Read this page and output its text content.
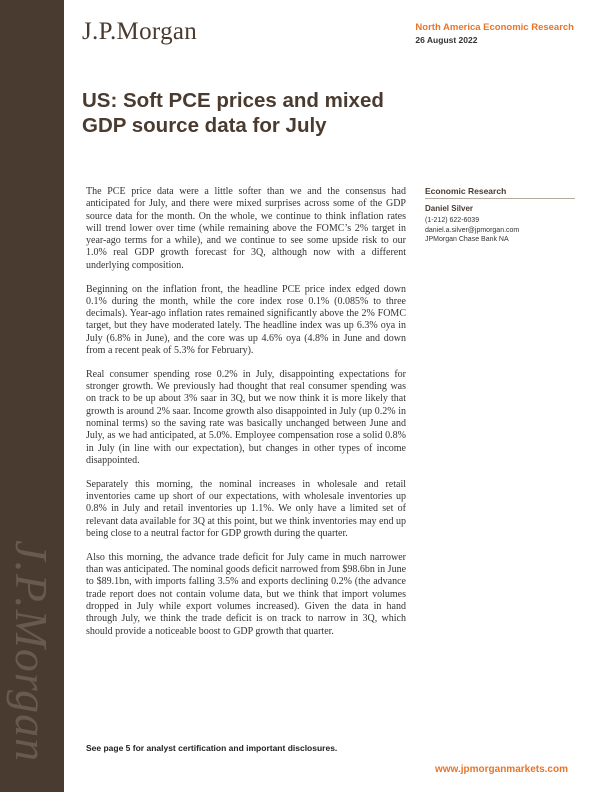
J.P.Morgan
J.P.Morgan	North America Economic Research
26 August 2022
US: Soft PCE prices and mixed GDP source data for July

The PCE price data were a little softer than we and the consensus had anticipated for July, and there were mixed surprises across some of the GDP source data for the month. On the whole, we continue to think inflation rates will trend lower over time (while remaining above the FOMC’s 2% target in year-ago terms for a while), and we continue to see some upside risk to our 1.0% real GDP growth forecast for 3Q, although now with a different underlying composition.

Beginning on the inflation front, the headline PCE price index edged down 0.1% during the month, while the core index rose 0.1% (0.085% to three decimals). Year-ago inflation rates remained significantly above the 2% FOMC target, but they have moderated lately. The headline index was up 6.3% oya in July (6.8% in June), and the core was up 4.6% oya (4.8% in June and down from a recent peak of 5.3% for February).

Real consumer spending rose 0.2% in July, disappointing expectations for stronger growth. We previously had thought that real consumer spending was on track to be up about 3% saar in 3Q, but we now think it is more likely that growth is around 2% saar. Income growth also disappointed in July (up 0.2% in nominal terms) so the saving rate was basically unchanged between June and July, as we had anticipated, at 5.0%. Employee compensation rose a solid 0.8% in July (in line with our expectation), but changes in other types of income disappointed.

Separately this morning, the nominal increases in wholesale and retail inventories came up short of our expectations, with wholesale inventories up 0.8% in July and retail inventories up 1.1%. We only have a limited set of relevant data available for 3Q at this point, but we think inventories may end up being close to a neutral factor for GDP growth during the quarter.

Also this morning, the advance trade deficit for July came in much narrower than was anticipated. The nominal goods deficit narrowed from $98.6bn in June to $89.1bn, with imports falling 3.5% and exports declining 0.2% (the advance trade report does not contain volume data, but we think that import volumes dropped in July while export volumes increased). Given the data in hand through July, we think the trade deficit is on track to narrow in 3Q, which should provide a noticeable boost to GDP growth that quarter.

Economic Research
Daniel Silver
(1-212) 622-6039
daniel.a.silver@jpmorgan.com
JPMorgan Chase Bank NA
See page 5 for analyst certification and important disclosures.
www.jpmorganmarkets.com
